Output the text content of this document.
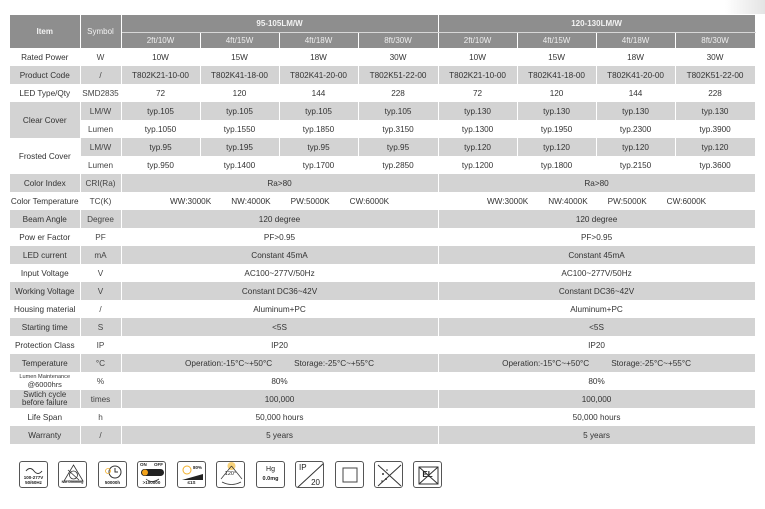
Item	Symbol	95-105LM/W				120-130LM/W			
		2ft/10W	4ft/15W	4ft/18W	8ft/30W	2ft/10W	4ft/15W	4ft/18W	8ft/30W
Rated Power	W	10W	15W	18W	30W	10W	15W	18W	30W
Product Code	/	T802K21-10-00	T802K41-18-00	T802K41-20-00	T802K51-22-00	T802K21-10-00	T802K41-18-00	T802K41-20-00	T802K51-22-00
LED Type/Qty	SMD2835	72	120	144	228	72	120	144	228
Clear Cover	LM/W	typ.105	typ.105	typ.105	typ.105	typ.130	typ.130	typ.130	typ.130
	Lumen	typ.1050	typ.1550	typ.1850	typ.3150	typ.1300	typ.1950	typ.2300	typ.3900
Frosted Cover	LM/W	typ.95	typ.195	typ.95	typ.95	typ.120	typ.120	typ.120	typ.120
	Lumen	typ.950	typ.1400	typ.1700	typ.2850	typ.1200	typ.1800	typ.2150	typ.3600
Color Index	CRI(Ra)	Ra>80				Ra>80			
Color Temperature	TC(K)	WW:3000K NW:4000K PW:5000K CW:6000K				WW:3000K NW:4000K PW:5000K CW:6000K			
Beam Angle	Degree	120 degree				120 degree			
Pow er Factor	PF	PF>0.95				PF>0.95			
LED current	mA	Constant 45mA				Constant 45mA			
Input Voltage	V	AC100~277V/50Hz				AC100~277V/50Hz			
Working Voltage	V	Constant DC36~42V				Constant DC36~42V			
Housing material	/	Aluminum+PC				Aluminum+PC			
Starting time	S	<5S				<5S			
Protection Class	IP	IP20				IP20			
Temperature	°C	Operation:-15°C~+50°C Storage:-25°C~+55°C				Operation:-15°C~+50°C Storage:-25°C~+55°C			

Lumen Maintenance
@6000hrs	%	80%				80%			

Swtich cycle
before failure	times	100,000				100,000			
Life Span	h	50,000 hours				50,000 hours			
Warranty	/	5 years				5 years			
100-277V
50/60Hz	Not Dimming	50000h
ON OFF
>100000
80%
≤1S
120°
Hg
0.0mg
IP
20
EL
